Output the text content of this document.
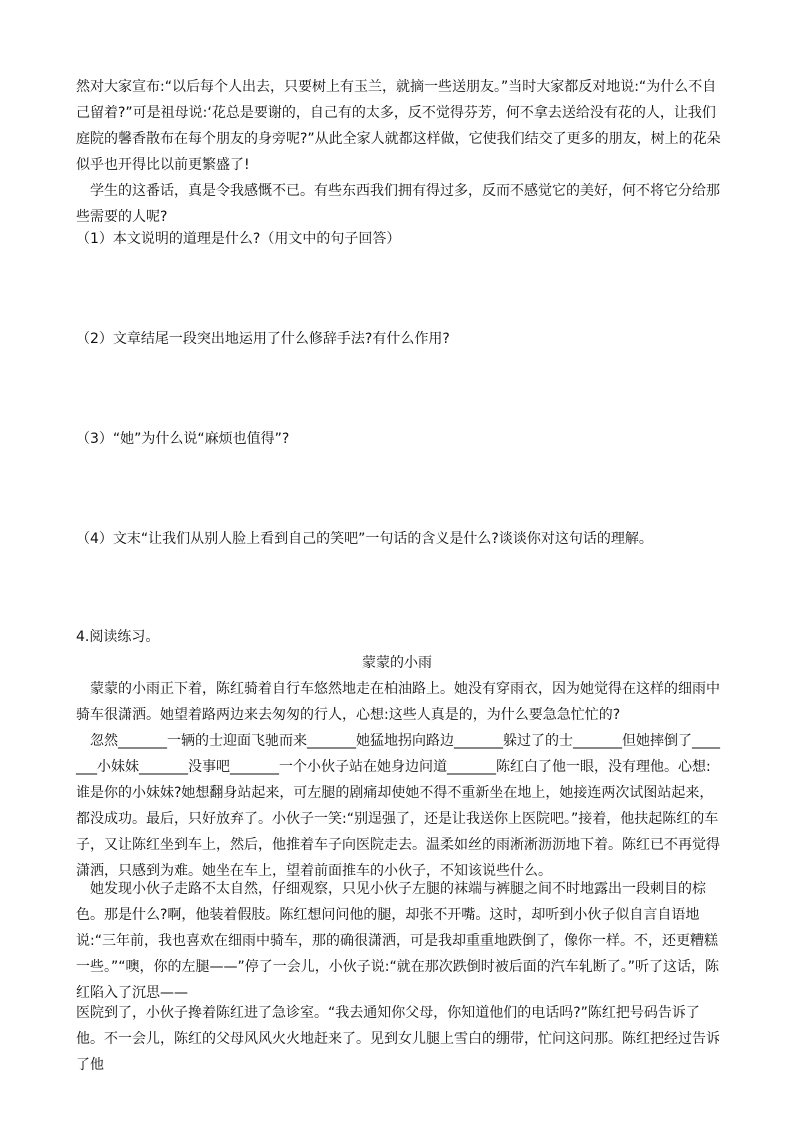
然对大家宣布:“以后每个人出去，只要树上有玉兰，就摘一些送朋友。”当时大家都反对地说:“为什么不自己留着?”可是祖母说:‘花总是要谢的，自己有的太多，反不觉得芬芳，何不拿去送给没有花的人，让我们庭院的馨香散布在每个朋友的身旁呢?”从此全家人就都这样做，它使我们结交了更多的朋友，树上的花朵似乎也开得比以前更繁盛了!

　学生的这番话，真是令我感慨不已。有些东西我们拥有得过多，反而不感觉它的美好，何不将它分给那些需要的人呢?

（1）本文说明的道理是什么?（用文中的句子回答）

（2）文章结尾一段突出地运用了什么修辞手法?有什么作用?

（3）“她”为什么说“麻烦也值得”?

（4）文末“让我们从别人脸上看到自己的笑吧”一句话的含义是什么?谈谈你对这句话的理解。

4.阅读练习。

蒙蒙的小雨

　蒙蒙的小雨正下着，陈红骑着自行车悠然地走在柏油路上。她没有穿雨衣，因为她觉得在这样的细雨中骑车很潇洒。她望着路两边来去匆匆的行人，心想:这些人真是的，为什么要急急忙忙的?

　忽然_______一辆的士迎面飞驰而来_______她猛地拐向路边_______躲过了的士_______但她摔倒了_______小妹妹_______没事吧_______一个小伙子站在她身边问道_______陈红白了他一眼，没有理他。心想:谁是你的小妹妹?她想翻身站起来，可左腿的剧痛却使她不得不重新坐在地上，她接连两次试图站起来，都没成功。最后，只好放弃了。小伙子一笑:“别逞强了，还是让我送你上医院吧。”接着，他扶起陈红的车子，又让陈红坐到车上，然后，他推着车子向医院走去。温柔如丝的雨淅淅沥沥地下着。陈红已不再觉得潇洒，只感到为难。她坐在车上，望着前面推车的小伙子，不知该说些什么。

　她发现小伙子走路不太自然，仔细观察，只见小伙子左腿的袜端与裤腿之间不时地露出一段刺目的棕色。那是什么?啊，他装着假肢。陈红想问问他的腿，却张不开嘴。这时，却听到小伙子似自言自语地说:“三年前，我也喜欢在细雨中骑车，那的确很潇洒，可是我却重重地跌倒了，像你一样。不，还更糟糕一些。”“噢，你的左腿——”停了一会儿，小伙子说:“就在那次跌倒时被后面的汽车轧断了。”听了这话，陈红陷入了沉思——

医院到了，小伙子搀着陈红进了急诊室。“我去通知你父母，你知道他们的电话吗?”陈红把号码告诉了他。不一会儿，陈红的父母风风火火地赶来了。见到女儿腿上雪白的绷带，忙问这问那。陈红把经过告诉了他
